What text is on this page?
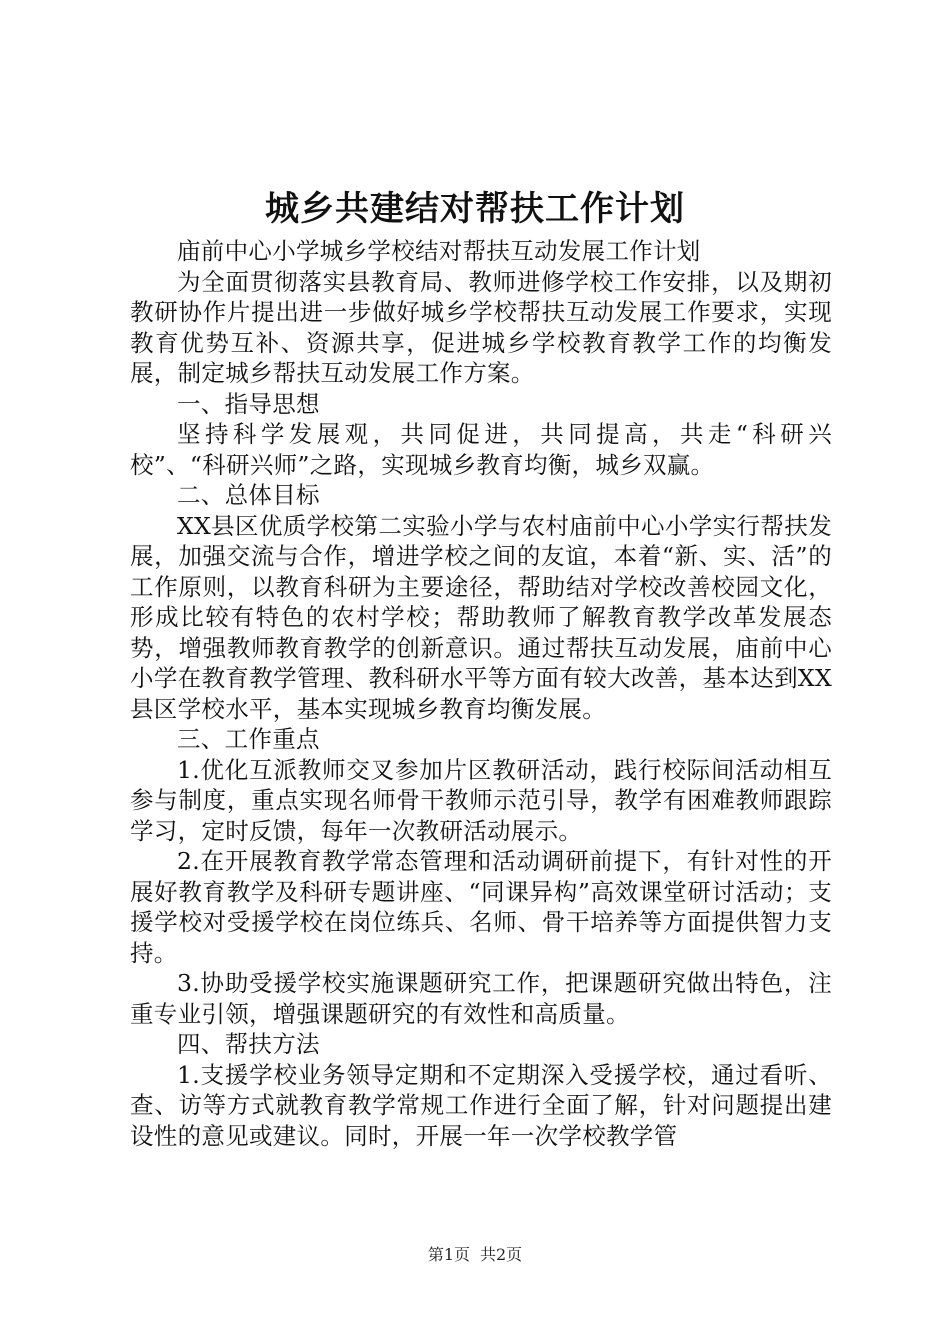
城乡共建结对帮扶工作计划

庙前中心小学城乡学校结对帮扶互动发展工作计划

为全面贯彻落实县教育局、教师进修学校工作安排，以及期初教研协作片提出进一步做好城乡学校帮扶互动发展工作要求，实现教育优势互补、资源共享，促进城乡学校教育教学工作的均衡发展，制定城乡帮扶互动发展工作方案。

一、指导思想

坚持科学发展观，共同促进，共同提高，共走“科研兴校”、“科研兴师”之路，实现城乡教育均衡，城乡双赢。

二、总体目标

XX县区优质学校第二实验小学与农村庙前中心小学实行帮扶发展，加强交流与合作，增进学校之间的友谊，本着“新、实、活”的工作原则，以教育科研为主要途径，帮助结对学校改善校园文化，形成比较有特色的农村学校；帮助教师了解教育教学改革发展态势，增强教师教育教学的创新意识。通过帮扶互动发展，庙前中心小学在教育教学管理、教科研水平等方面有较大改善，基本达到XX县区学校水平，基本实现城乡教育均衡发展。

三、工作重点

1.优化互派教师交叉参加片区教研活动，践行校际间活动相互参与制度，重点实现名师骨干教师示范引导，教学有困难教师跟踪学习，定时反馈，每年一次教研活动展示。

2.在开展教育教学常态管理和活动调研前提下，有针对性的开展好教育教学及科研专题讲座、“同课异构”高效课堂研讨活动；支援学校对受援学校在岗位练兵、名师、骨干培养等方面提供智力支持。

3.协助受援学校实施课题研究工作，把课题研究做出特色，注重专业引领，增强课题研究的有效性和高质量。

四、帮扶方法

1.支援学校业务领导定期和不定期深入受援学校，通过看听、查、访等方式就教育教学常规工作进行全面了解，针对问题提出建设性的意见或建议。同时，开展一年一次学校教学管

第1页 共2页
